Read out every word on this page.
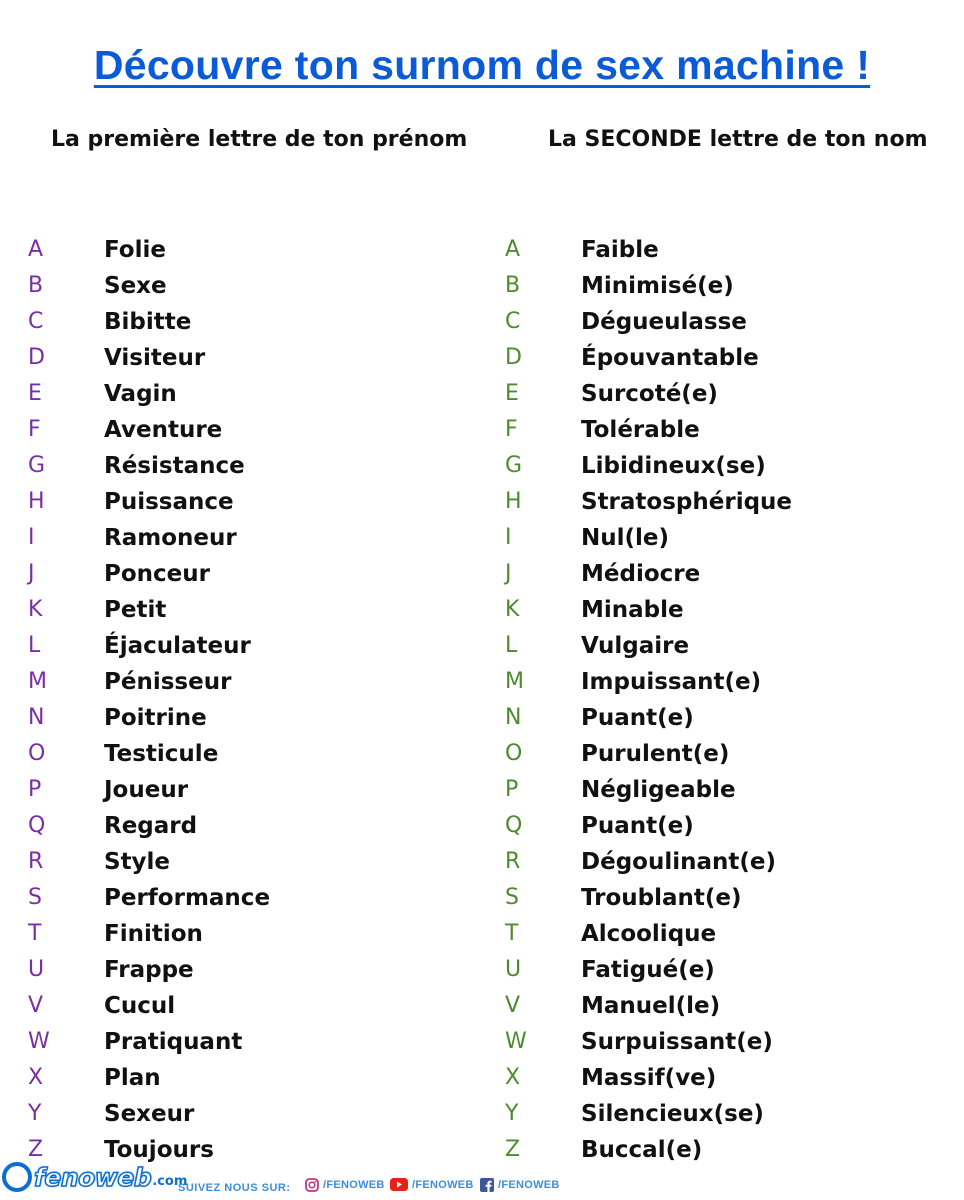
Découvre ton surnom de sex machine !
La première lettre de ton prénom	La SECONDE lettre de ton nom
A	Folie
B	Sexe
C	Bibitte
D	Visiteur
E	Vagin
F	Aventure
G	Résistance
H	Puissance
I	Ramoneur
J	Ponceur
K	Petit
L	Éjaculateur
M Pénisseur
N	Poitrine
O	Testicule
P	Joueur
Q	Regard
R	Style
S	Performance
T	Finition
U	Frappe
V	Cucul
W Pratiquant
X	Plan
Y	Sexeur
Z	Toujours
A	Faible
B	Minimisé(e)
C	Dégueulasse
D	Épouvantable
E	Surcoté(e)
F	Tolérable
G	Libidineux(se)
H	Stratosphérique
I	Nul(le)
J	Médiocre
K	Minable
L	Vulgaire
M Impuissant(e)
N	Puant(e)
O	Purulent(e)
P	Négligeable
Q	Puant(e)
R	Dégoulinant(e)
S	Troublant(e)
T	Alcoolique
U	Fatigué(e)
V	Manuel(le)
W Surpuissant(e)
X	Massif(ve)
Y	Silencieux(se)
Z	Buccal(e)
fenoweb .com
SUIVEZ NOUS SUR:	/FENOWEB /FENOWEB /FENOWEB
